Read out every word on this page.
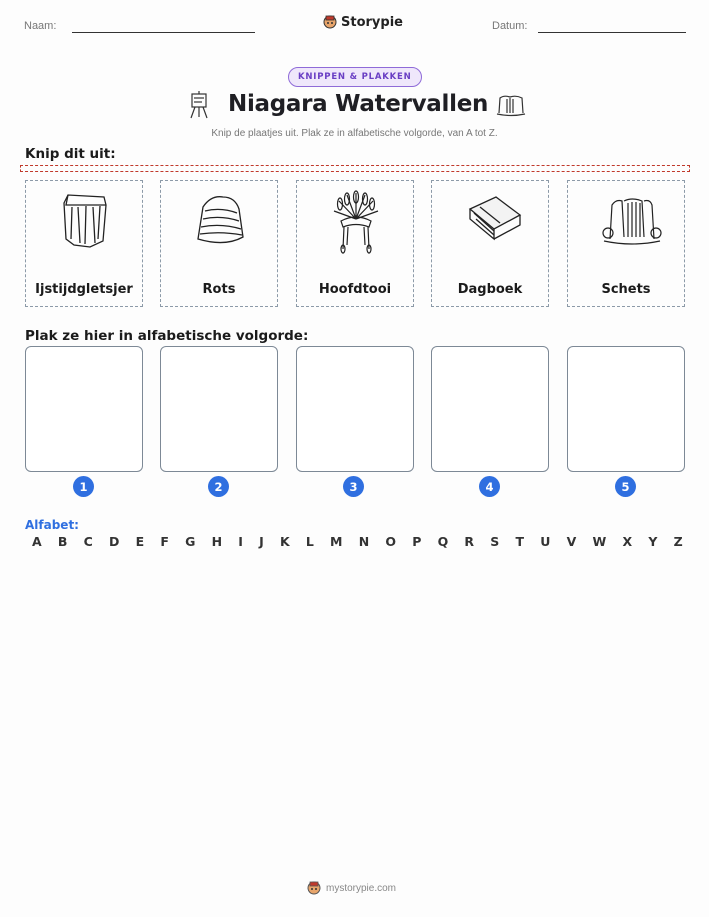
Naam:	Storypie	Datum:
KNIPPEN & PLAKKEN
Niagara Watervallen
Knip de plaatjes uit. Plak ze in alfabetische volgorde, van A tot Z.
Knip dit uit:
Ijstijdgletsjer	Rots	Hoofdtooi	Dagboek	Schets
Plak ze hier in alfabetische volgorde:
1	2	3	4	5
Alfabet:
A B C D E F G H I J K L M N O P Q R S T U V W X Y Z
mystorypie.com
